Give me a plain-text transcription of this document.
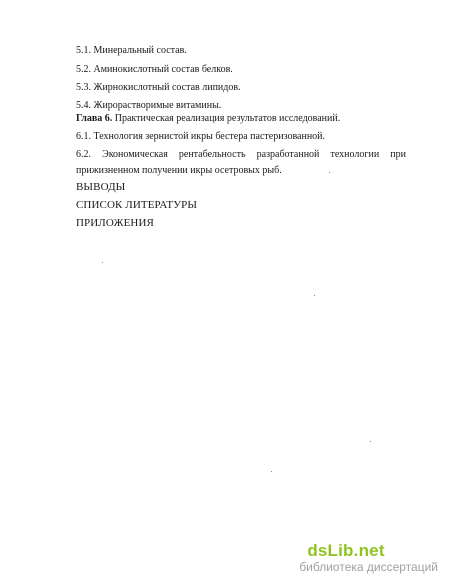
5.1. Минеральный состав.
5.2. Аминокислотный состав белков.
5.3. Жирнокислотный состав липидов.
5.4. Жирорастворимые витамины.
Глава 6. Практическая реализация результатов исследований.
6.1. Технология зернистой икры бестера пастеризованной.
6.2. Экономическая рентабельность разработанной технологии при
прижизненном получении икры осетровых рыб.
ВЫВОДЫ
СПИСОК ЛИТЕРАТУРЫ
ПРИЛОЖЕНИЯ
dsLib.net
библиотека диссертаций
